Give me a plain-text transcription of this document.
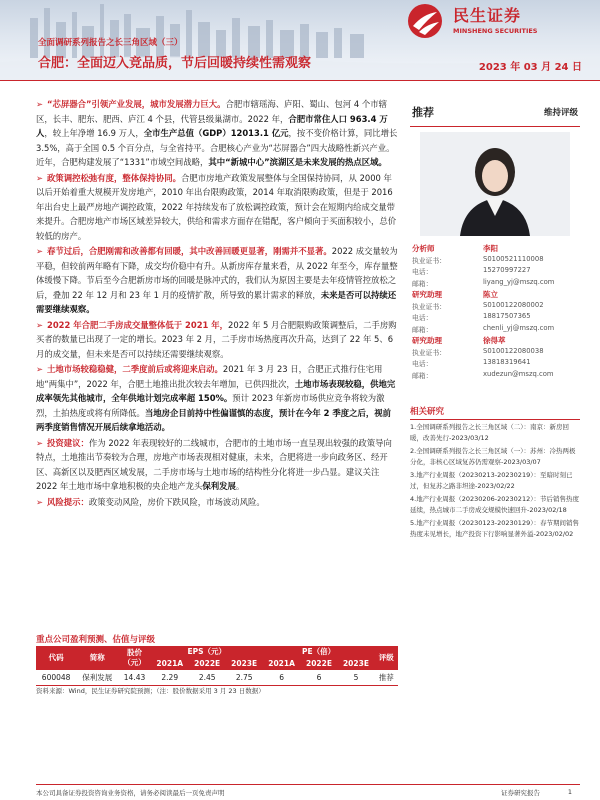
民生证券
MINSHENG SECURITIES
全面调研系列报告之长三角区域（三）
合肥：全面迈入竞品质，节后回暖持续性需观察	2023 年 03 月 24 日
➢ “芯屏器合”引领产业发展，城市发展潜力巨大。合肥市辖瑶海、庐阳、蜀山、包河 4 个市辖区，长丰、肥东、肥西、庐江 4 个县，代管县级巢湖市。2022 年，合肥市常住人口 963.4 万人，较上年净增 16.9 万人，全市生产总值（GDP）12013.1 亿元，按不变价格计算，同比增长 3.5%，高于全国 0.5 个百分点，与全省持平。合肥核心产业为“芯屏器合”四大战略性新兴产业。近年，合肥构建发展了“1331”市域空间战略，其中“新城中心”滨湖区是未来发展的热点区域。
➢ 政策调控松弛有度，整体保持协同。合肥市房地产政策发展整体与全国保持协同，从 2000 年以后开始着重大规模开发房地产，2010 年出台限购政策，2014 年取消限购政策，但是于 2016 年出台史上最严房地产调控政策，2022 年持续发布了放松调控政策，预计会在短期内给成交量带来提升。合肥房地产市场区域差异较大，供给和需求方面存在错配，客户倾向于买面积较小，总价较低的房产。
➢ 春节过后，合肥刚需和改善都有回暖，其中改善回暖更显著，刚需并不显著。2022 成交量较为平稳，但较前两年略有下降，成交均价稳中有升。从新房库存量来看，从 2022 年至今，库存量整体缓慢下降。节后至今合肥新房市场的回暖是脉冲式的，我们认为原因主要是去年疫情管控放松之后，叠加 22 年 12 月和 23 年 1 月的疫情扩散，所导致的累计需求的释放，未来是否可以持续还需要继续观察。
➢ 2022 年合肥二手房成交量整体低于 2021 年，2022 年 5 月合肥限购政策调整后，二手房购买者的数量已出现了一定的增长。2023 年 2 月，二手房市场热度再次升高，达到了 22 年 5、6 月的成交量，但未来是否可以持续还需要继续观察。
➢ 土地市场较稳稳健，二季度前后或将迎来启动。2021 年 3 月 23 日，合肥正式推行住宅用地“两集中”，2022 年，合肥土地推出批次较去年增加，已供四批次，土地市场表现较稳，供地完成率领先其他城市，全年供地计划完成率超 150%。预计 2023 年新房市场供应竞争将较为激烈，土拍热度或将有所降低。当地房企目前持中性偏谨慎的态度，预计在今年 2 季度之后，视前两季度销售情况开展后续拿地活动。
➢ 投资建议：作为 2022 年表现较好的二线城市，合肥市的土地市场一直呈现出较强的政策导向特点，土地推出节奏较为合理，房地产市场表现相对健康，未来，合肥将进一步向政务区、经开区、高新区以及肥西区域发展，二手房市场与土地市场的结构性分化将进一步凸显。建议关注 2022 年土地市场中拿地积极的央企地产龙头保利发展。
➢ 风险提示：政策变动风险，房价下跌风险，市场波动风险。
重点公司盈利预测、估值与评级
代码	简称	股价
（元）	EPS（元）			PE（倍）			评级
			2021A	2022E	2023E	2021A	2022E	2023E	
600048	保利发展	14.43	2.29	2.45	2.75	6	6	5	推荐
资料来源：Wind，民生证券研究院预测；（注：股价数据采用 3 月 23 日数据）
推荐	维持评级
分析师	李阳
执业证书：	S0100521110008
电话：	15270997227
邮箱：	liyang_yj@mszq.com
研究助理	陈立
执业证书：	S0100122080002
电话：	18817507365
邮箱：	chenli_yj@mszq.com
研究助理	徐得萃
执业证书：	S0100122080038
电话：	13818319641
邮箱：	xudezun@mszq.com
相关研究
1.全国调研系列报告之长三角区域（二）：南京：新房回暖，改善先行-2023/03/12
2.全国调研系列报告之长三角区域（一）：苏州：冷热两极分化，非核心区域复苏仍需观察-2023/03/07
3.地产行业周报（20230213-20230219）：至暗时刻已过，但复苏之路非坦途-2023/02/22
4.地产行业周报（20230206-20230212）：节后销售热度延续，热点城市二手房成交规模快速回升-2023/02/18
5.地产行业周报（20230123-20230129）：春节期间销售热度未见增长，地产投资下行影响显著外溢-2023/02/02
本公司具备证券投资咨询业务资格，请务必阅读最后一页免责声明	证券研究报告	1
